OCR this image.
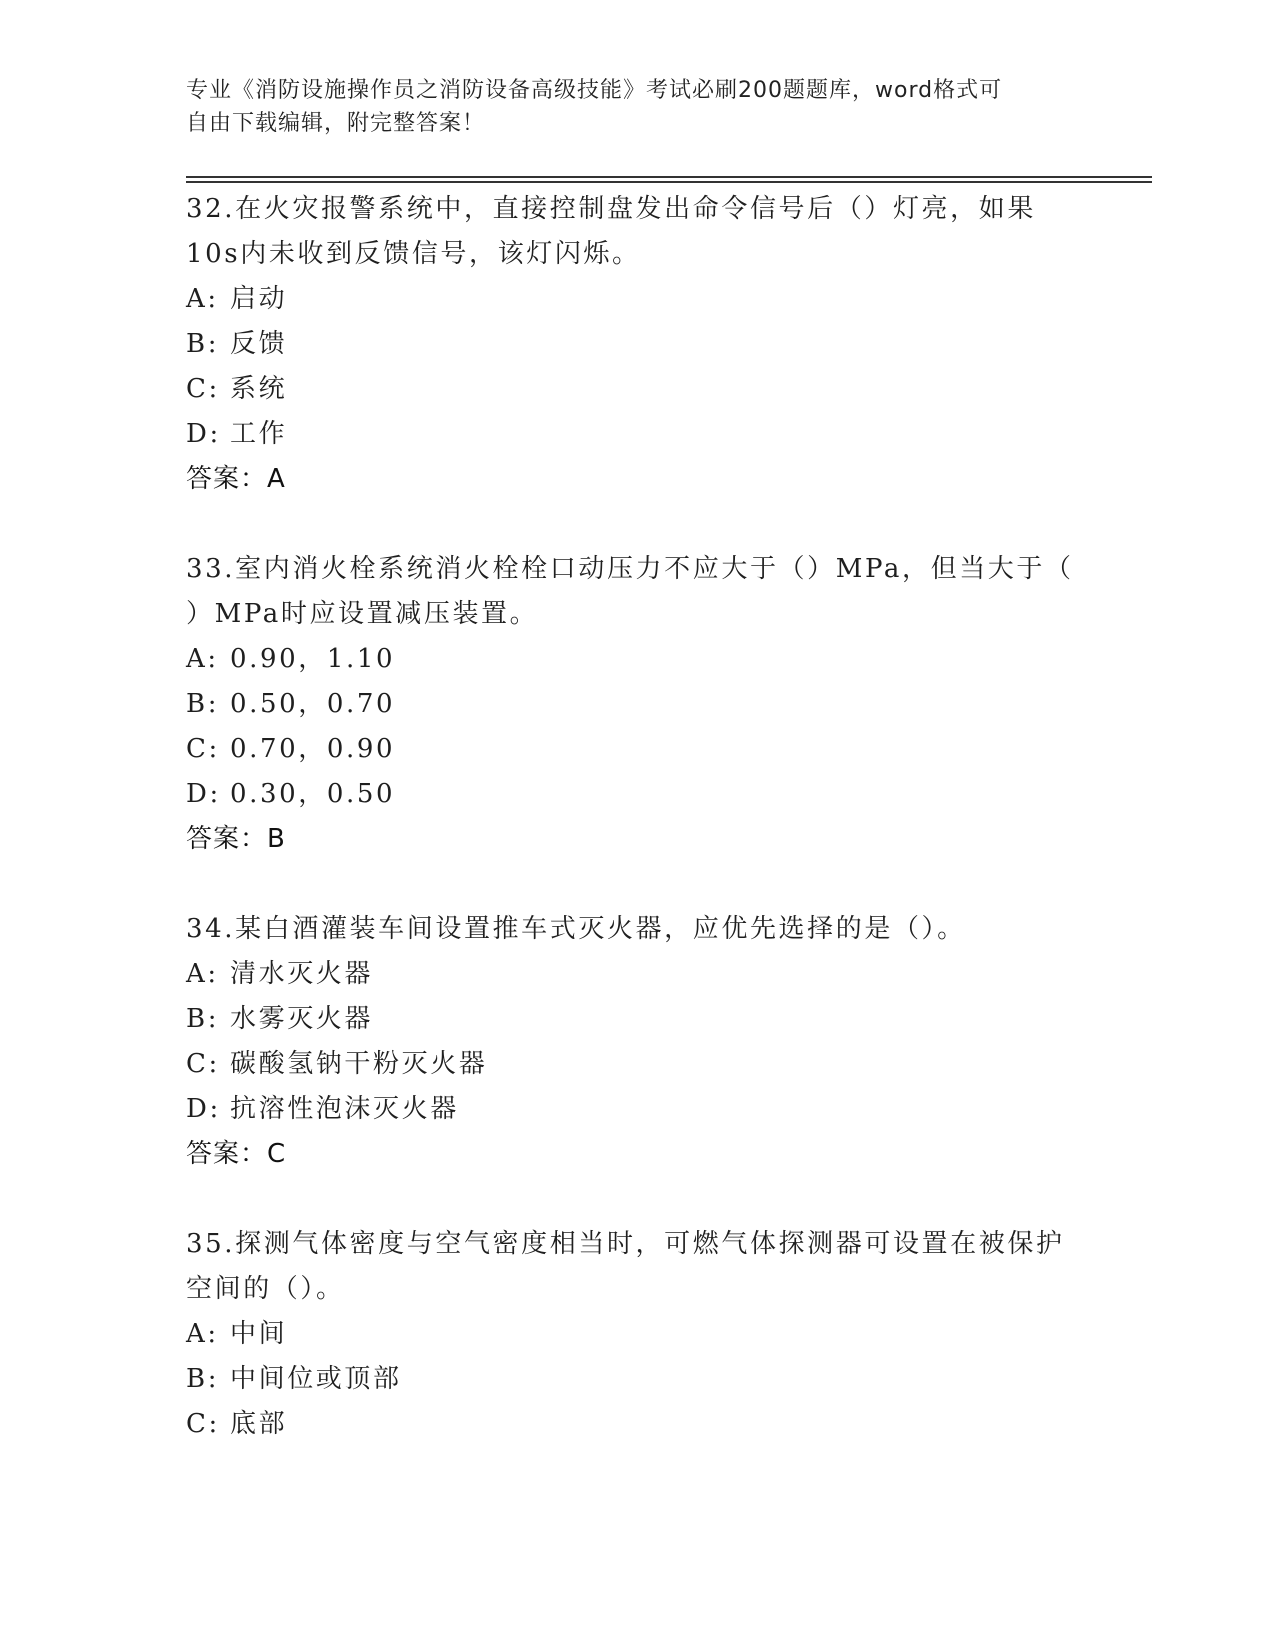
专业《消防设施操作员之消防设备高级技能》考试必刷200题题库，word格式可
自由下载编辑，附完整答案！
32.在火灾报警系统中，直接控制盘发出命令信号后（）灯亮，如果
10s内未收到反馈信号，该灯闪烁。
A: 启动
B: 反馈
C: 系统
D: 工作
答案：A
33.室内消火栓系统消火栓栓口动压力不应大于（）MPa，但当大于（
）MPa时应设置减压装置。
A: 0.90，1.10
B: 0.50，0.70
C: 0.70，0.90
D: 0.30，0.50
答案：B
34.某白酒灌装车间设置推车式灭火器，应优先选择的是（）。
A: 清水灭火器
B: 水雾灭火器
C: 碳酸氢钠干粉灭火器
D: 抗溶性泡沫灭火器
答案：C
35.探测气体密度与空气密度相当时，可燃气体探测器可设置在被保护
空间的（）。
A: 中间
B: 中间位或顶部
C: 底部
